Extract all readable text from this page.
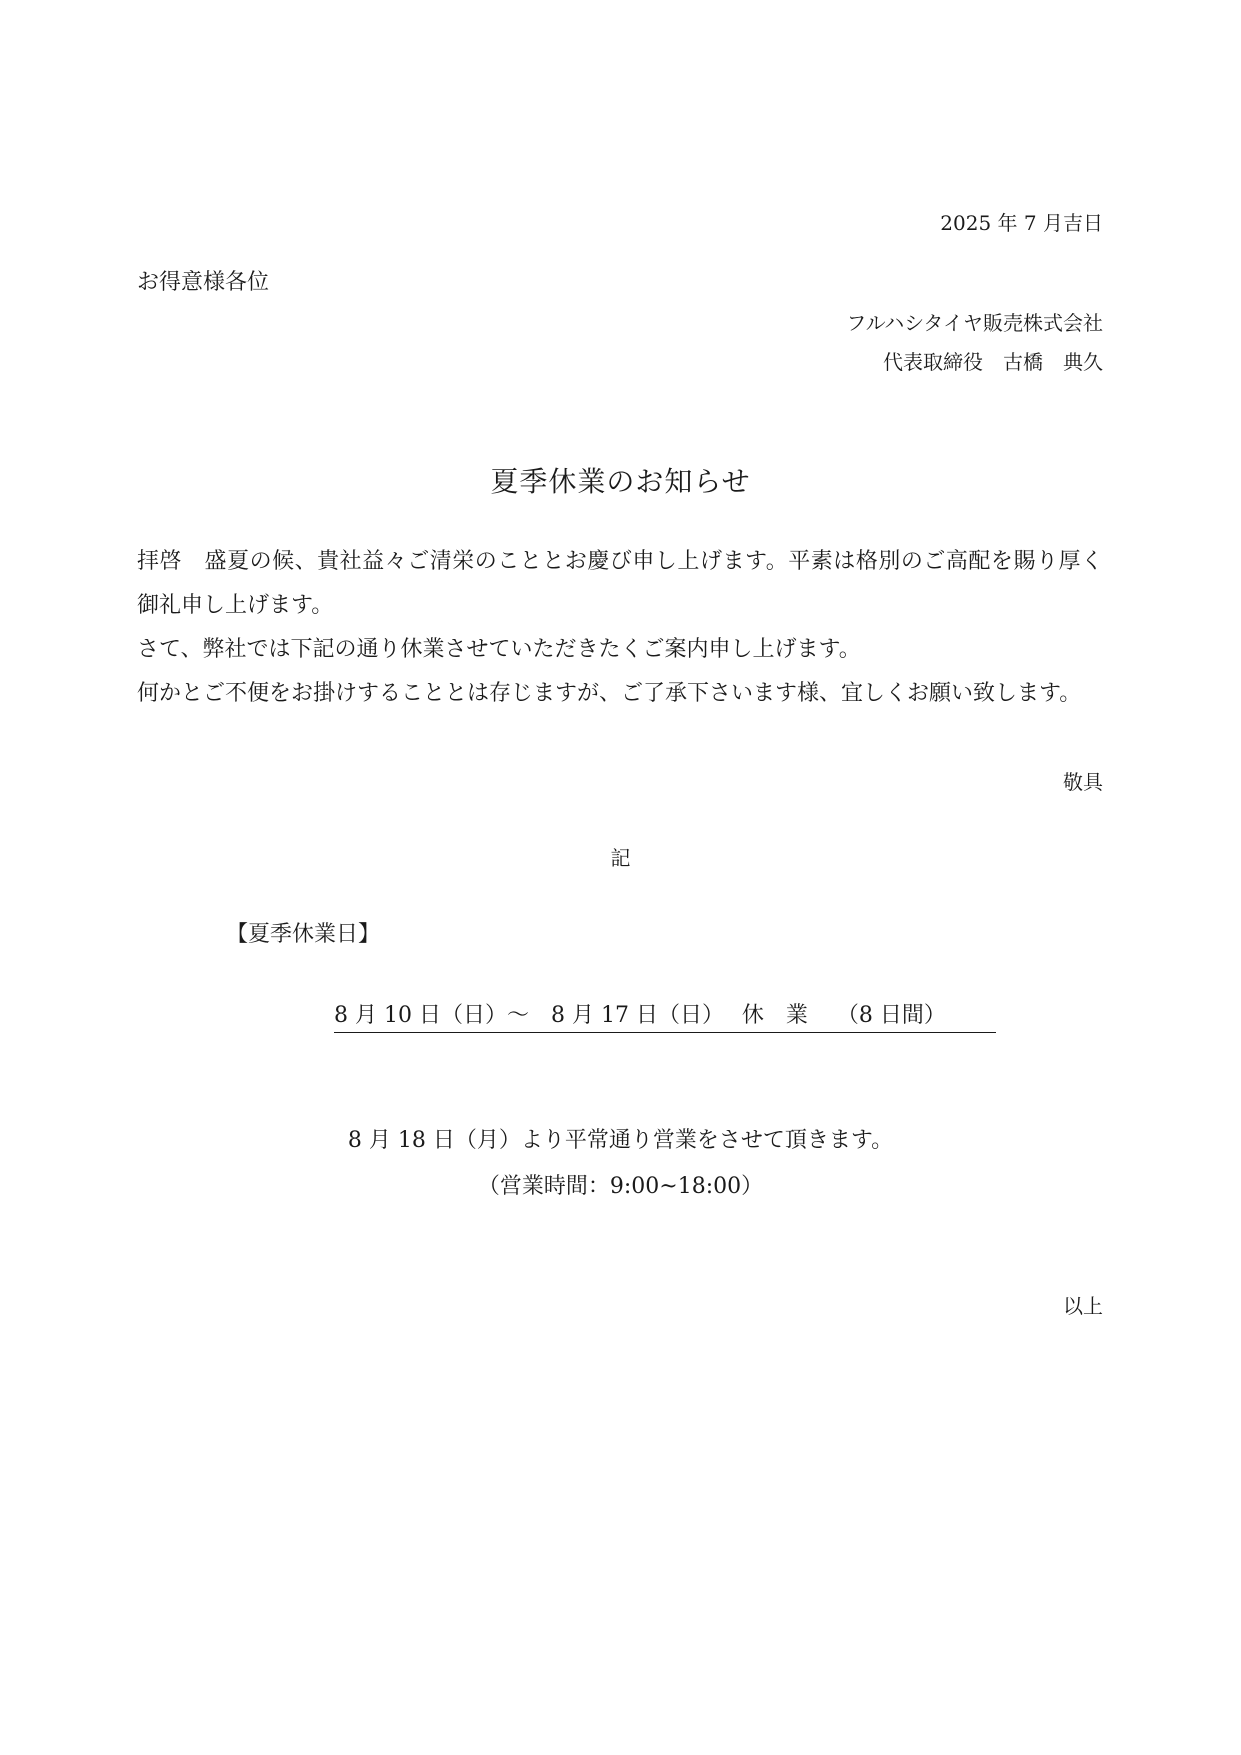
2025 年 7 月吉日
お得意様各位
フルハシタイヤ販売株式会社
代表取締役　古橋　典久
夏季休業のお知らせ

拝啓　盛夏の候、貴社益々ご清栄のこととお慶び申し上げます。平素は格別のご高配を賜り厚く御礼申し上げます。

さて、弊社では下記の通り休業させていただきたくご案内申し上げます。

何かとご不便をお掛けすることとは存じますが、ご了承下さいます様、宜しくお願い致します。

敬具
記
【夏季休業日】
8 月 10 日（日）～　8 月 17 日（日）　 休　業　 （8 日間）
8 月 18 日（月）より平常通り営業をさせて頂きます。
（営業時間：9:00~18:00）
以上
